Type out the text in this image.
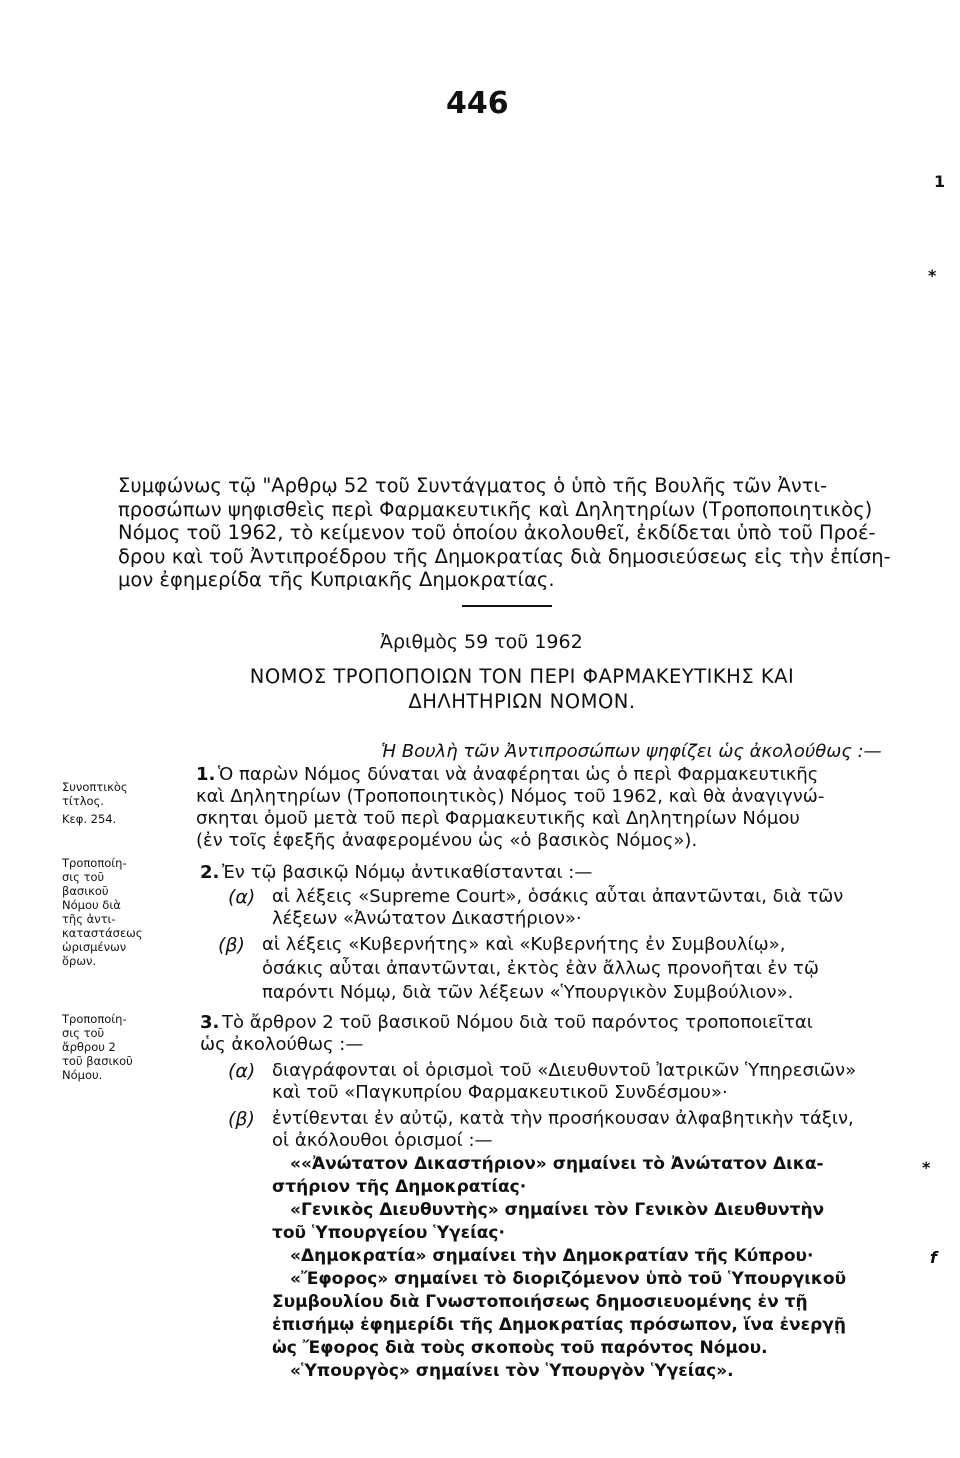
446
Συμφώνως τῷ "Αρθρῳ 52 τοῦ Συντάγματος ὁ ὑπὸ τῆς Βουλῆς τῶν Ἀντι-
προσώπων ψηφισθεὶς περὶ Φαρμακευτικῆς καὶ Δηλητηρίων (Τροποποιητικὸς)
Νόμος τοῦ 1962, τὸ κείμενον τοῦ ὁποίου ἀκολουθεῖ, ἐκδίδεται ὑπὸ τοῦ Προέ-
δρου καὶ τοῦ Ἀντιπροέδρου τῆς Δημοκρατίας διὰ δημοσιεύσεως εἰς τὴν ἐπίση-
μον ἐφημερίδα τῆς Κυπριακῆς Δημοκρατίας.
Ἀριθμὸς 59 τοῦ 1962
ΝΟΜΟΣ ΤΡΟΠΟΠΟΙΩΝ ΤΟΝ ΠΕΡΙ ΦΑΡΜΑΚΕΥΤΙΚΗΣ ΚΑΙ
ΔΗΛΗΤΗΡΙΩΝ ΝΟΜΟΝ.
Ἡ Βουλὴ τῶν Ἀντιπροσώπων ψηφίζει ὡς ἀκολούθως :—
Συνοπτικὸς
τίτλος.
Κεφ. 254.
Τροποποίη-
σις τοῦ
βασικοῦ
Νόμου διὰ
τῆς ἀντι-
καταστάσεως
ὡρισμένων
ὅρων.
Τροποποίη-
σις τοῦ
ἄρθρου 2
τοῦ βασικοῦ
Νόμου.
1. Ὁ παρὼν Νόμος δύναται νὰ ἀναφέρηται ὡς ὁ περὶ Φαρμακευτικῆς
καὶ Δηλητηρίων (Τροποποιητικὸς) Νόμος τοῦ 1962, καὶ θὰ ἀναγιγνώ-
σκηται ὁμοῦ μετὰ τοῦ περὶ Φαρμακευτικῆς καὶ Δηλητηρίων Νόμου
(ἐν τοῖς ἑφεξῆς ἀναφερομένου ὡς «ὁ βασικὸς Νόμος»).
2. Ἐν τῷ βασικῷ Νόμῳ ἀντικαθίστανται :—
(α) αἱ λέξεις «Supreme Court», ὁσάκις αὗται ἀπαντῶνται, διὰ τῶν
λέξεων «Ἀνώτατον Δικαστήριον»·
(β) αἱ λέξεις «Κυβερνήτης» καὶ «Κυβερνήτης ἐν Συμβουλίῳ»,
ὁσάκις αὗται ἀπαντῶνται, ἐκτὸς ἐὰν ἄλλως προνοῆται ἐν τῷ
παρόντι Νόμῳ, διὰ τῶν λέξεων «Ὑπουργικὸν Συμβούλιον».
3. Τὸ ἄρθρον 2 τοῦ βασικοῦ Νόμου διὰ τοῦ παρόντος τροποποιεῖται
ὡς ἀκολούθως :—
(α) διαγράφονται οἱ ὁρισμοὶ τοῦ «Διευθυντοῦ Ἰατρικῶν Ὑπηρεσιῶν»
καὶ τοῦ «Παγκυπρίου Φαρμακευτικοῦ Συνδέσμου»·
(β) ἐντίθενται ἐν αὐτῷ, κατὰ τὴν προσήκουσαν ἀλφαβητικὴν τάξιν,
οἱ ἀκόλουθοι ὁρισμοί :—
««Ἀνώτατον Δικαστήριον» σημαίνει τὸ Ἀνώτατον Δικα-
στήριον τῆς Δημοκρατίας·
«Γενικὸς Διευθυντὴς» σημαίνει τὸν Γενικὸν Διευθυντὴν
τοῦ Ὑπουργείου Ὑγείας·
«Δημοκρατία» σημαίνει τὴν Δημοκρατίαν τῆς Κύπρου·
«Ἔφορος» σημαίνει τὸ διοριζόμενον ὑπὸ τοῦ Ὑπουργικοῦ
Συμβουλίου διὰ Γνωστοποιήσεως δημοσιευομένης ἐν τῇ
ἐπισήμῳ ἐφημερίδι τῆς Δημοκρατίας πρόσωπον, ἵνα ἐνεργῇ
ὡς Ἔφορος διὰ τοὺς σκοποὺς τοῦ παρόντος Νόμου.
«Ὑπουργὸς» σημαίνει τὸν Ὑπουργὸν Ὑγείας».
1
*
*
f
